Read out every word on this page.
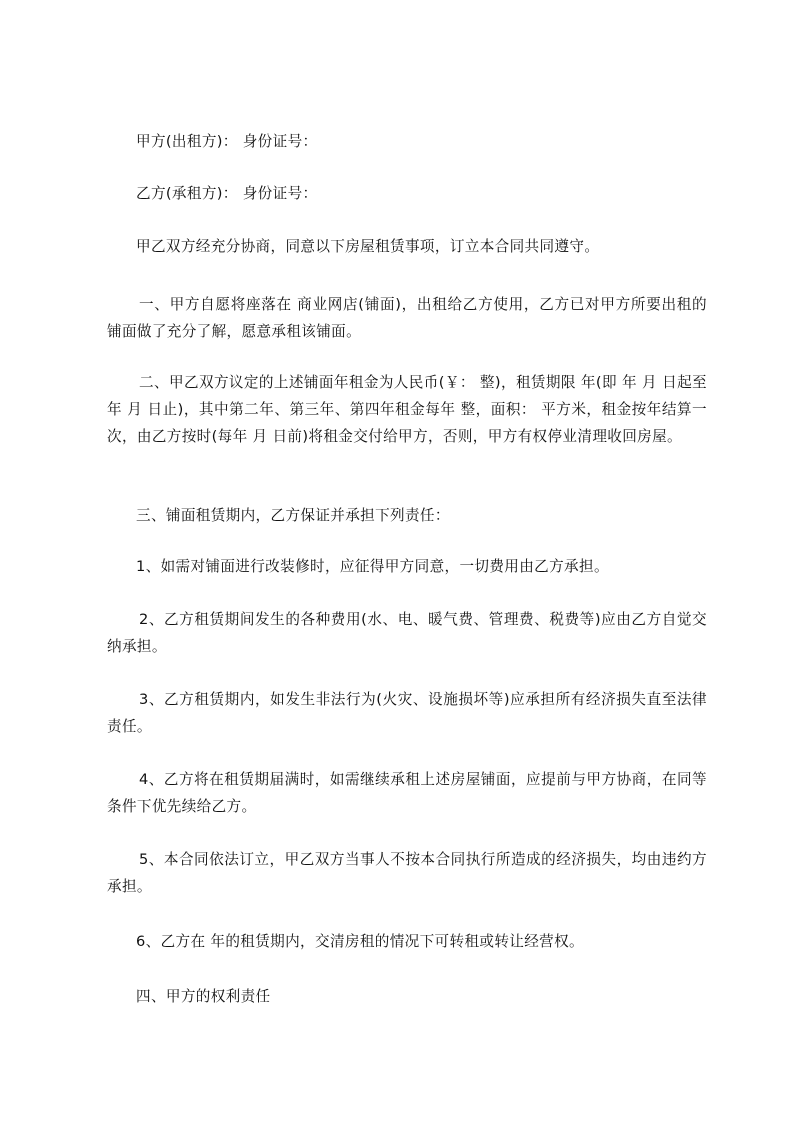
甲方(出租方)： 身份证号：

乙方(承租方)： 身份证号：

甲乙双方经充分协商，同意以下房屋租赁事项，订立本合同共同遵守。

一、甲方自愿将座落在 商业网店(铺面)，出租给乙方使用，乙方已对甲方所要出租的铺面做了充分了解，愿意承租该铺面。

二、甲乙双方议定的上述铺面年租金为人民币(￥： 整)，租赁期限 年(即 年 月 日起至 年 月 日止)，其中第二年、第三年、第四年租金每年 整，面积： 平方米，租金按年结算一次，由乙方按时(每年 月 日前)将租金交付给甲方，否则，甲方有权停业清理收回房屋。

三、铺面租赁期内，乙方保证并承担下列责任：

1、如需对铺面进行改装修时，应征得甲方同意，一切费用由乙方承担。

2、乙方租赁期间发生的各种费用(水、电、暖气费、管理费、税费等)应由乙方自觉交纳承担。

3、乙方租赁期内，如发生非法行为(火灾、设施损坏等)应承担所有经济损失直至法律责任。

4、乙方将在租赁期届满时，如需继续承租上述房屋铺面，应提前与甲方协商，在同等条件下优先续给乙方。

5、本合同依法订立，甲乙双方当事人不按本合同执行所造成的经济损失，均由违约方承担。

6、乙方在 年的租赁期内，交清房租的情况下可转租或转让经营权。

四、甲方的权利责任
